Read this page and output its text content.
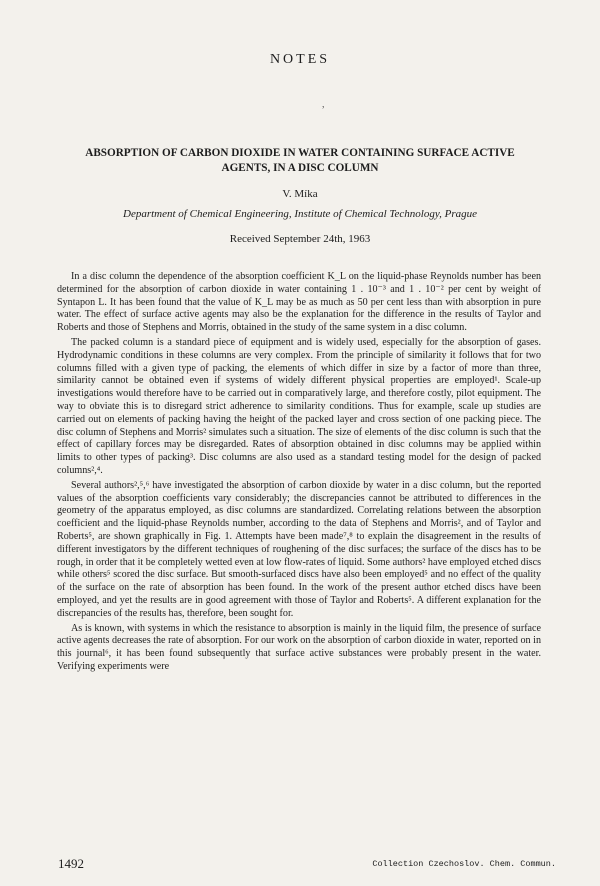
NOTES
,
ABSORPTION OF CARBON DIOXIDE IN WATER CONTAINING SURFACE ACTIVE AGENTS, IN A DISC COLUMN
V. Míka
Department of Chemical Engineering, Institute of Chemical Technology, Prague
Received September 24th, 1963

In a disc column the dependence of the absorption coefficient K_L on the liquid-phase Reynolds number has been determined for the absorption of carbon dioxide in water containing 1 . 10⁻³ and 1 . 10⁻² per cent by weight of Syntapon L. It has been found that the value of K_L may be as much as 50 per cent less than with absorption in pure water. The effect of surface active agents may also be the explanation for the difference in the results of Taylor and Roberts and those of Stephens and Morris, obtained in the study of the same system in a disc column.

The packed column is a standard piece of equipment and is widely used, especially for the absorption of gases. Hydrodynamic conditions in these columns are very complex. From the principle of similarity it follows that for two columns filled with a given type of packing, the elements of which differ in size by a factor of more than three, similarity cannot be obtained even if systems of widely different physical properties are employed¹. Scale-up investigations would therefore have to be carried out in comparatively large, and therefore costly, pilot equipment. The way to obviate this is to disregard strict adherence to similarity conditions. Thus for example, scale up studies are carried out on elements of packing having the height of the packed layer and cross section of one packing piece. The disc column of Stephens and Morris² simulates such a situation. The size of elements of the disc column is such that the effect of capillary forces may be disregarded. Rates of absorption obtained in disc columns may be applied within limits to other types of packing³. Disc columns are also used as a standard testing model for the design of packed columns²,⁴.

Several authors²,⁵,⁶ have investigated the absorption of carbon dioxide by water in a disc column, but the reported values of the absorption coefficients vary considerably; the discrepancies cannot be attributed to differences in the geometry of the apparatus employed, as disc columns are standardized. Correlating relations between the absorption coefficient and the liquid-phase Reynolds number, according to the data of Stephens and Morris², and of Taylor and Roberts⁵, are shown graphically in Fig. 1. Attempts have been made⁷,⁸ to explain the disagreement in the results of different investigators by the different techniques of roughening of the disc surfaces; the surface of the discs has to be rough, in order that it be completely wetted even at low flow-rates of liquid. Some authors² have employed etched discs while others⁵ scored the disc surface. But smooth-surfaced discs have also been employed⁵ and no effect of the quality of the surface on the rate of absorption has been found. In the work of the present author etched discs have been employed, and yet the results are in good agreement with those of Taylor and Roberts⁵. A different explanation for the discrepancies of the results has, therefore, been sought for.

As is known, with systems in which the resistance to absorption is mainly in the liquid film, the presence of surface active agents decreases the rate of absorption. For our work on the absorption of carbon dioxide in water, reported on in this journal⁶, it has been found subsequently that surface active substances were probably present in the water. Verifying experiments were

1492	Collection Czechoslov. Chem. Commun.
